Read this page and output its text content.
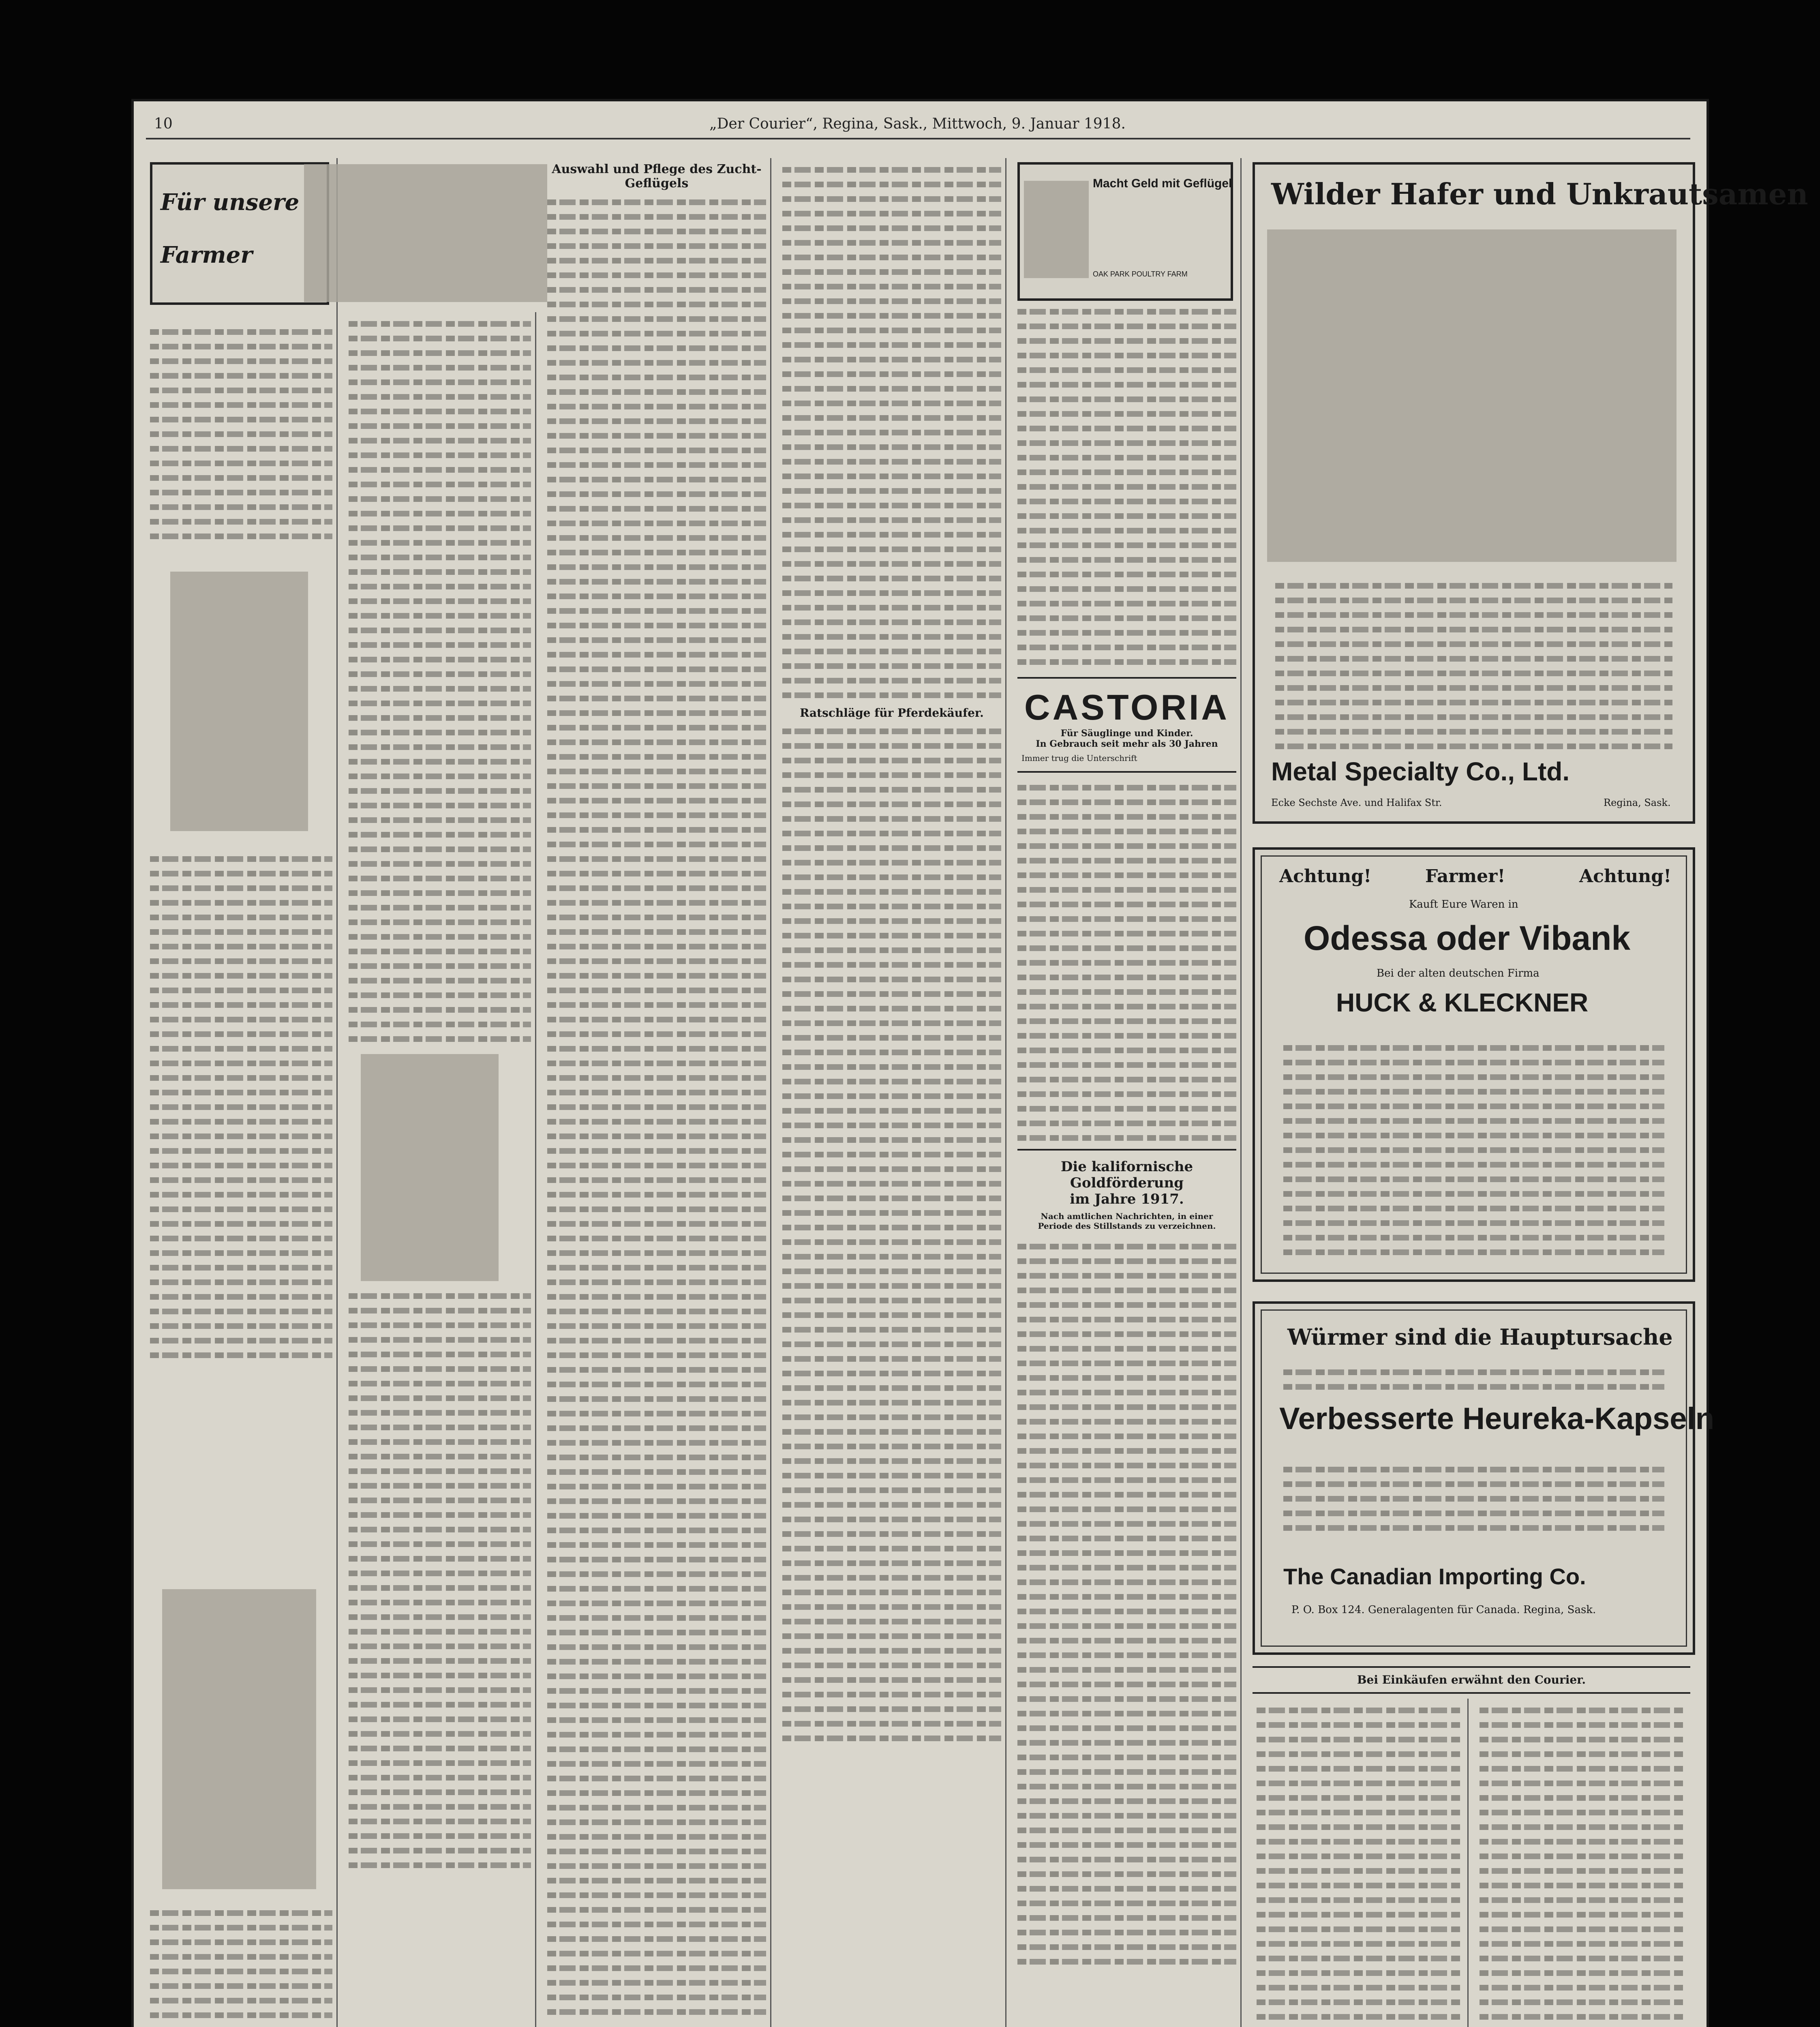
10	„Der Courier“, Regina, Sask., Mittwoch, 9. Januar 1918.
Für unsere
Farmer
Auswahl und Pflege des Zucht-
Geflügels
Ratschläge für Pferdekäufer.
Macht Geld mit Geflügel
OAK PARK POULTRY FARM
CASTORIA
Für Säuglinge und Kinder.
In Gebrauch seit mehr als 30 Jahren
Immer trug die Unterschrift
Die kalifornische Goldförderung
im Jahre 1917.
Nach amtlichen Nachrichten, in einer Periode des Stillstands zu verzeichnen.
Wilder Hafer und Unkrautsamen
Metal Specialty Co., Ltd.
Ecke Sechste Ave. und Halifax Str.	Regina, Sask.
Achtung!	Farmer!	Achtung!
Kauft Eure Waren in
Odessa oder Vibank
Bei der alten deutschen Firma
HUCK & KLECKNER
Würmer sind die Hauptursache
Verbesserte Heureka-Kapseln
The Canadian Importing Co.
P. O. Box 124. Generalagenten für Canada. Regina, Sask.
Bei Einkäufen erwähnt den Courier.
